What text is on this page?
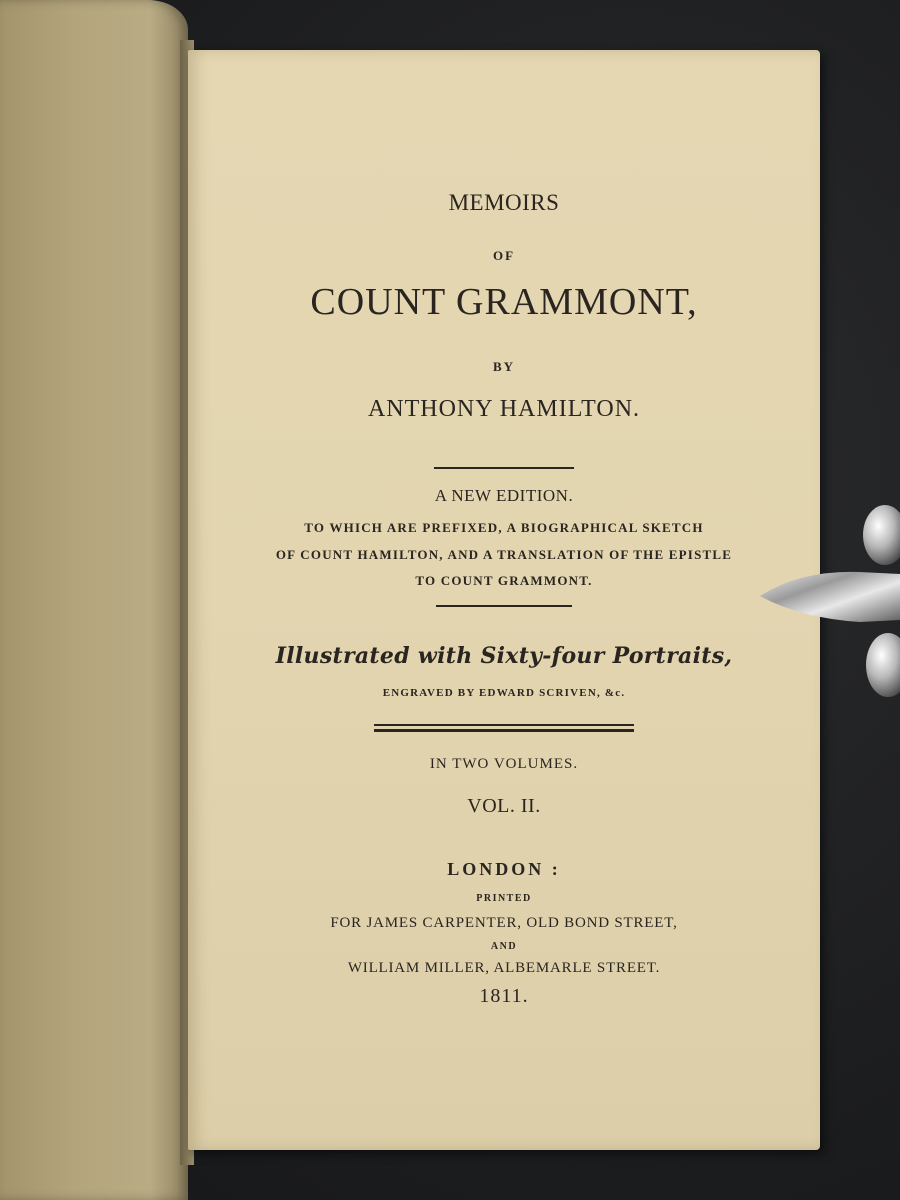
MEMOIRS
OF
COUNT GRAMMONT,
BY
ANTHONY HAMILTON.
A NEW EDITION.
TO WHICH ARE PREFIXED, A BIOGRAPHICAL SKETCH
OF COUNT HAMILTON, AND A TRANSLATION OF THE EPISTLE
TO COUNT GRAMMONT.
Illustrated with Sixty-four Portraits,
ENGRAVED BY EDWARD SCRIVEN, &c.
IN TWO VOLUMES.
VOL. II.
LONDON :
PRINTED
FOR JAMES CARPENTER, OLD BOND STREET,
AND
WILLIAM MILLER, ALBEMARLE STREET.
1811.
